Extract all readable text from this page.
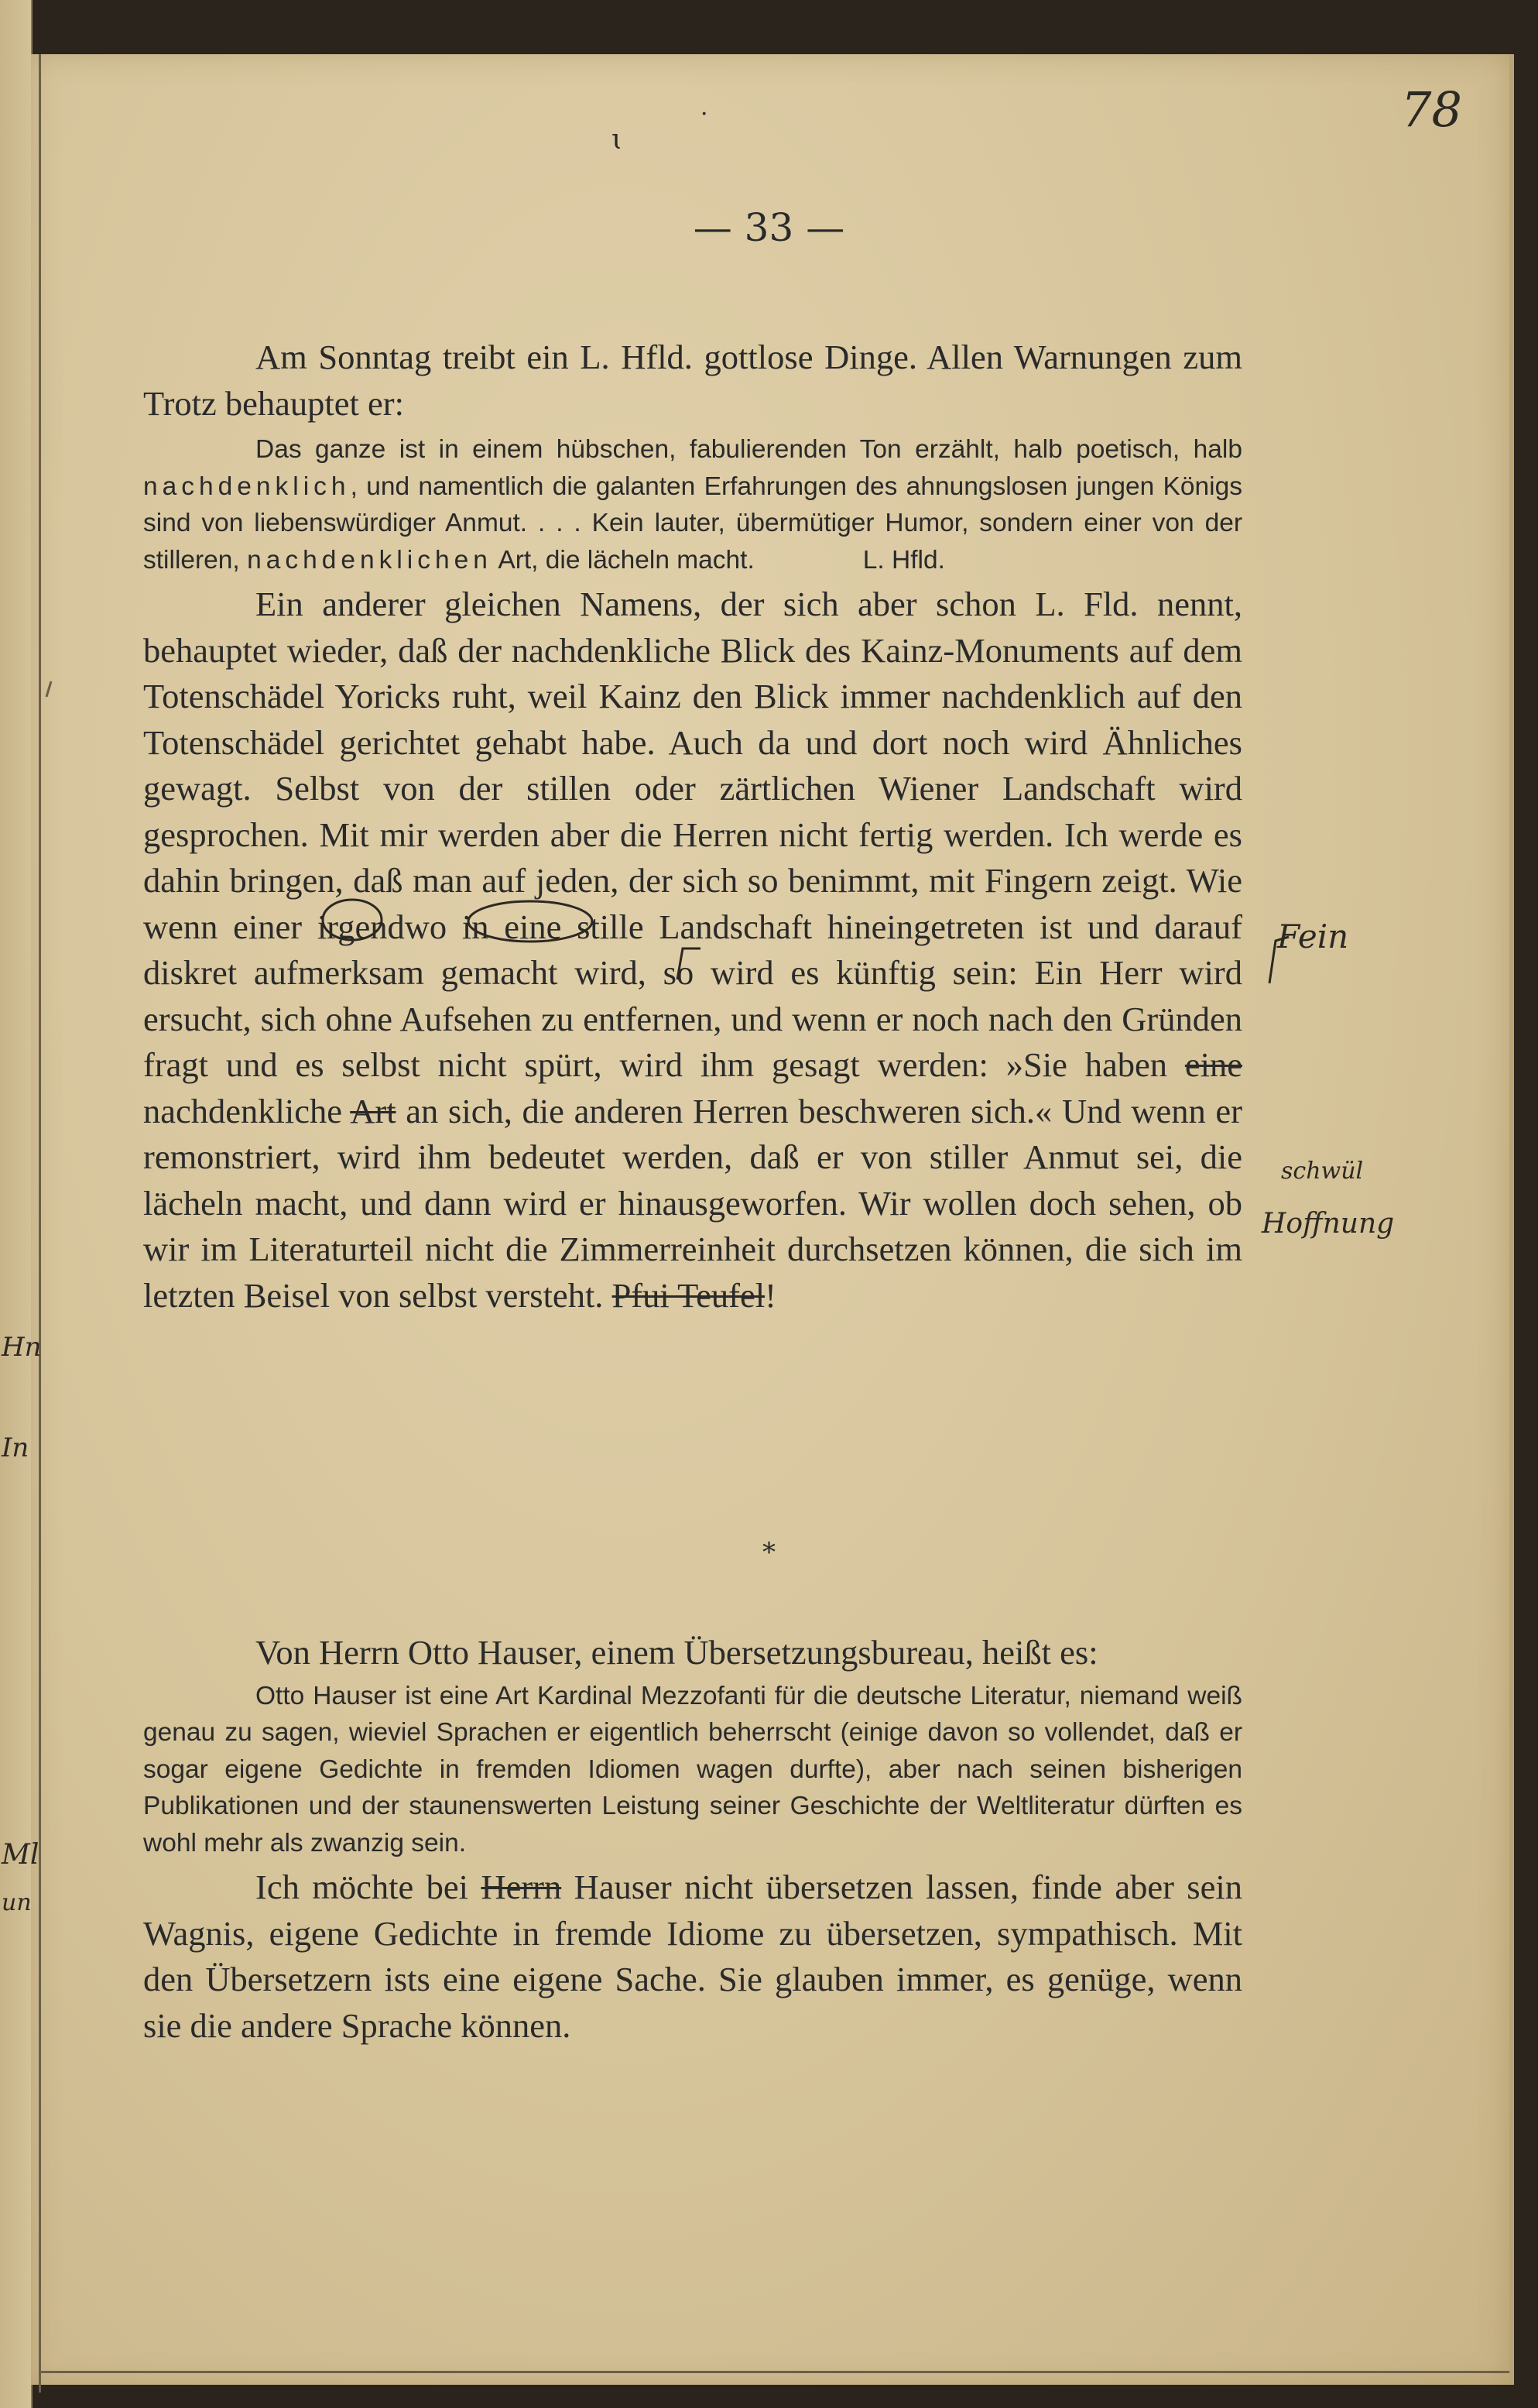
78
ɩ
·
— 33 —

Am Sonntag treibt ein L. Hfld. gottlose Dinge. Allen Warnungen zum Trotz behauptet er:

Das ganze ist in einem hübschen, fabulierenden Ton erzählt, halb poetisch, halb nachdenklich, und namentlich die galanten Erfahrungen des ahnungslosen jungen Königs sind von liebenswürdiger Anmut. . . . Kein lauter, übermütiger Humor, sondern einer von der stilleren, nachdenklichen Art, die lächeln macht.	L. Hfld.

Ein anderer gleichen Namens, der sich aber schon L. Fld. nennt, behauptet wieder, daß der nachdenkliche Blick des Kainz-Monuments auf dem Totenschädel Yoricks ruht, weil Kainz den Blick immer nachdenklich auf den Totenschädel gerichtet gehabt habe. Auch da und dort noch wird Ähnliches gewagt. Selbst von der stillen oder zärtlichen Wiener Landschaft wird gesprochen. Mit mir werden aber die Herren nicht fertig werden. Ich werde es dahin bringen, daß man auf jeden, der sich so benimmt, mit Fingern zeigt. Wie wenn einer irgendwo in eine stille Landschaft hineingetreten ist und darauf diskret aufmerksam gemacht wird, so wird es künftig sein: Ein Herr wird ersucht, sich ohne Aufsehen zu entfernen, und wenn er noch nach den Gründen fragt und es selbst nicht spürt, wird ihm gesagt werden: »Sie haben eine nachdenkliche Art an sich, die anderen Herren beschweren sich.« Und wenn er remonstriert, wird ihm bedeutet werden, daß er von stiller Anmut sei, die lächeln macht, und dann wird er hinausgeworfen. Wir wollen doch sehen, ob wir im Literaturteil nicht die Zimmerreinheit durchsetzen können, die sich im letzten Beisel von selbst versteht. Pfui Teufel!

*

Von Herrn Otto Hauser, einem Übersetzungsbureau, heißt es:

Otto Hauser ist eine Art Kardinal Mezzofanti für die deutsche Literatur, niemand weiß genau zu sagen, wieviel Sprachen er eigentlich beherrscht (einige davon so vollendet, daß er sogar eigene Gedichte in fremden Idiomen wagen durfte), aber nach seinen bisherigen Publikationen und der staunenswerten Leistung seiner Geschichte der Weltliteratur dürften es wohl mehr als zwanzig sein.

Ich möchte bei Herrn Hauser nicht übersetzen lassen, finde aber sein Wagnis, eigene Gedichte in fremde Idiome zu übersetzen, sympathisch. Mit den Übersetzern ists eine eigene Sache. Sie glauben immer, es genüge, wenn sie die andere Sprache können.

Fein
schwül
Hoffnung
Hn
In
Ml
un
